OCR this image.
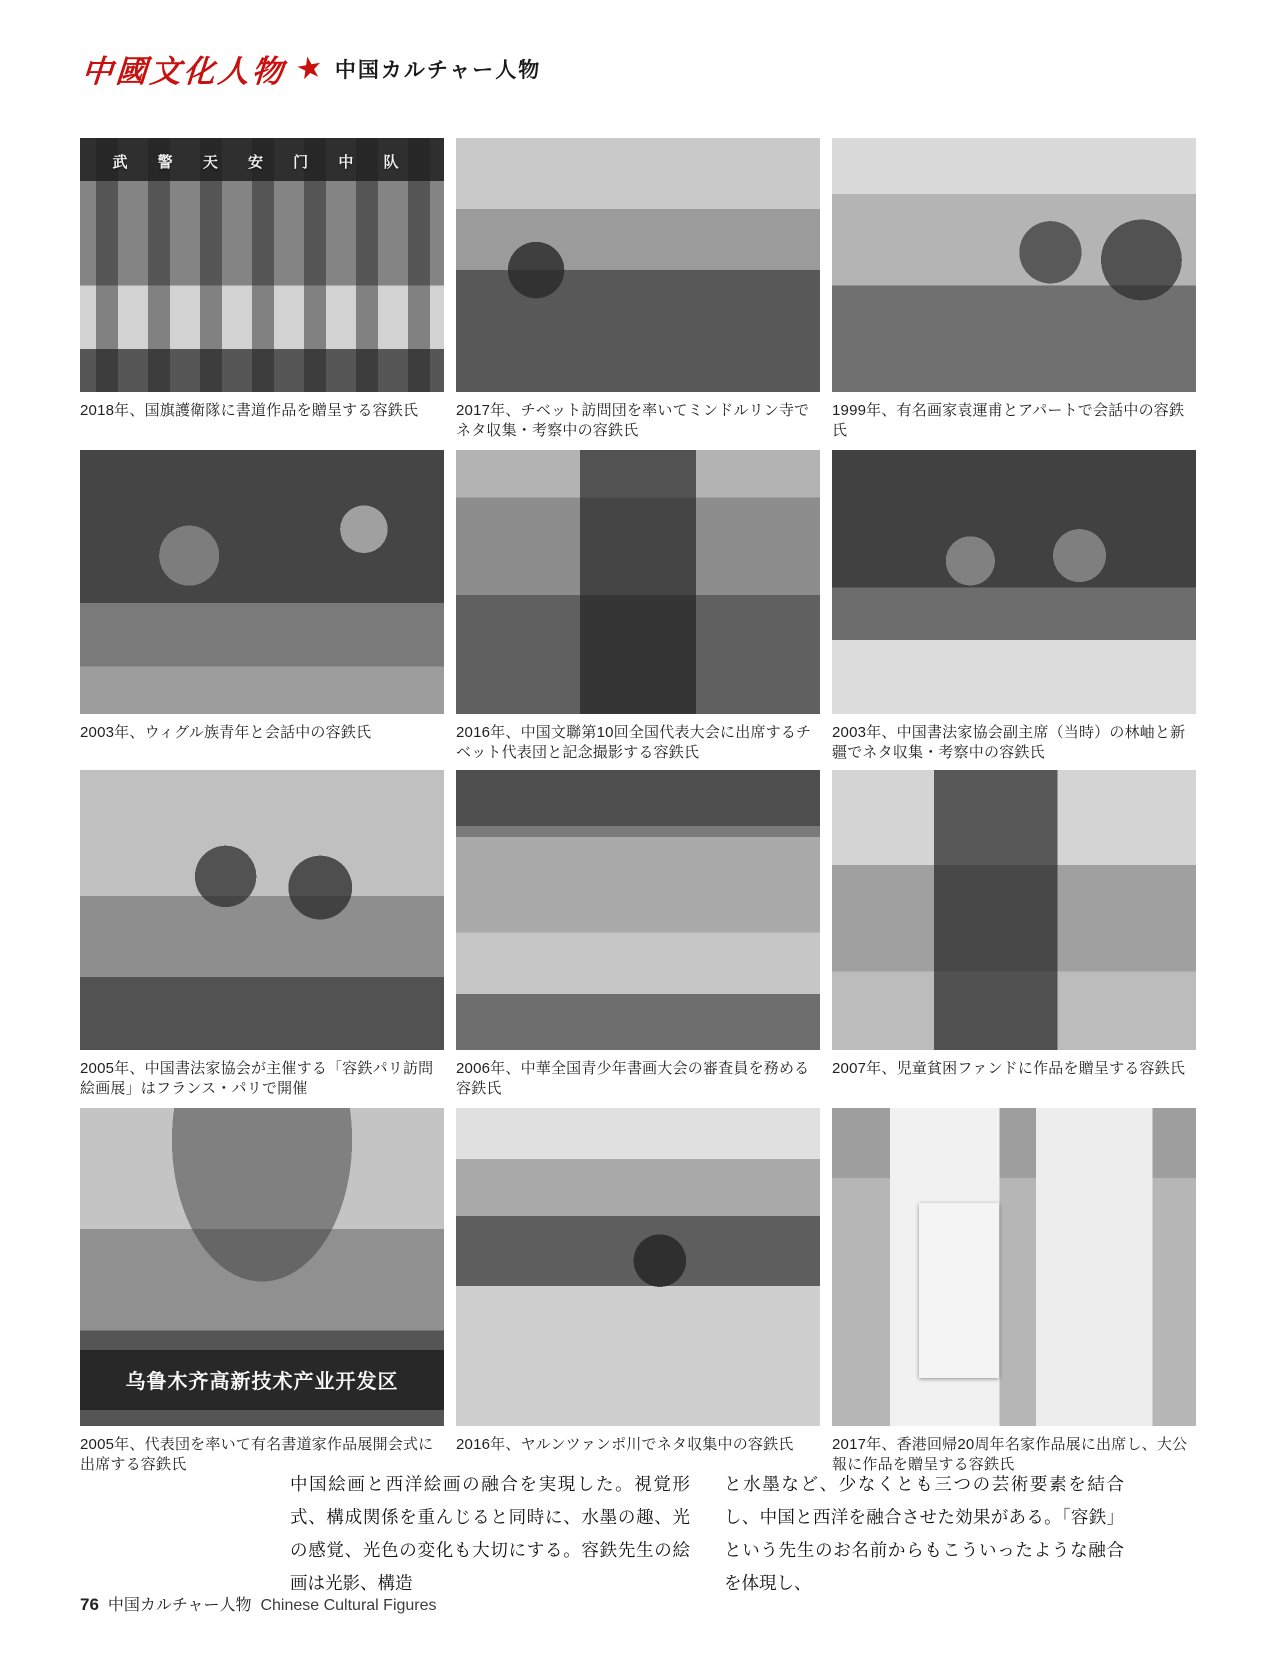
中國文化人物 ★ 中国カルチャー人物
武 警 天 安 门 中 队
2018年、国旗護衛隊に書道作品を贈呈する容鉄氏	2017年、チベット訪問団を率いてミンドルリン寺でネタ収集・考察中の容鉄氏
1999年、有名画家袁運甫とアパートで会話中の容鉄氏
2003年、ウィグル族青年と会話中の容鉄氏	2016年、中国文聯第10回全国代表大会に出席するチベット代表団と記念撮影する容鉄氏
2003年、中国書法家協会副主席（当時）の林岫と新疆でネタ収集・考察中の容鉄氏
2005年、中国書法家協会が主催する「容鉄パリ訪問絵画展」はフランス・パリで開催
2006年、中華全国青少年書画大会の審査員を務める容鉄氏
2007年、児童貧困ファンドに作品を贈呈する容鉄氏
乌鲁木齐高新技术产业开发区
2005年、代表団を率いて有名書道家作品展開会式に出席する容鉄氏
2016年、ヤルンツァンポ川でネタ収集中の容鉄氏	2017年、香港回帰20周年名家作品展に出席し、大公報に作品を贈呈する容鉄氏

中国絵画と西洋絵画の融合を実現した。視覚形式、構成関係を重んじると同時に、水墨の趣、光の感覚、光色の変化も大切にする。容鉄先生の絵画は光影、構造

と水墨など、少なくとも三つの芸術要素を結合し、中国と西洋を融合させた効果がある。「容鉄」という先生のお名前からもこういったような融合を体現し、

76 中国カルチャー人物 Chinese Cultural Figures
